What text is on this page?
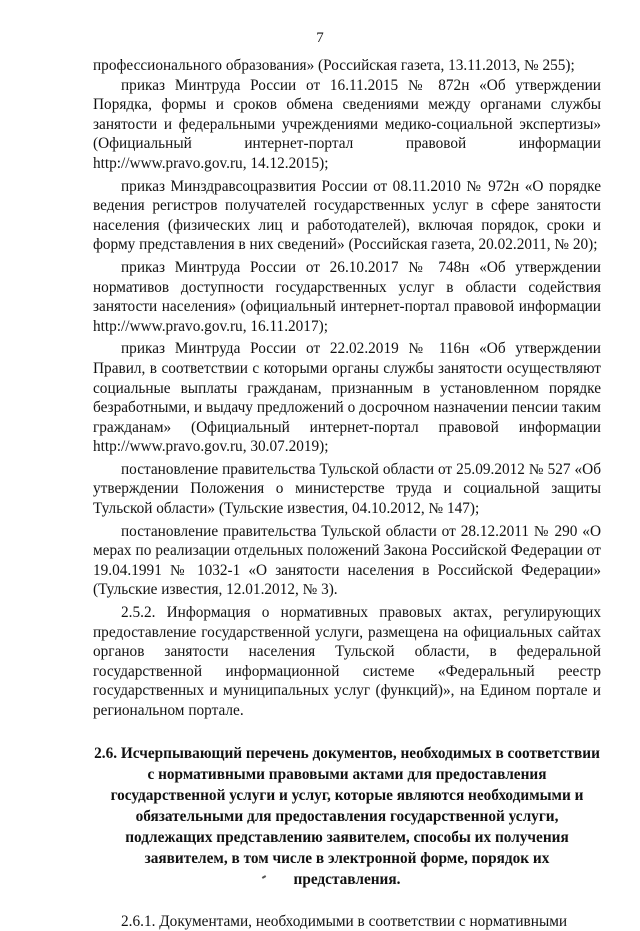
7

профессионального образования» (Российская газета, 13.11.2013, № 255);

приказ Минтруда России от 16.11.2015 № 872н «Об утверждении Порядка, формы и сроков обмена сведениями между органами службы занятости и федеральными учреждениями медико-социальной экспертизы» (Официальный интернет-портал правовой информации http://www.pravo.gov.ru, 14.12.2015);

приказ Минздравсоцразвития России от 08.11.2010 № 972н «О порядке ведения регистров получателей государственных услуг в сфере занятости населения (физических лиц и работодателей), включая порядок, сроки и форму представления в них сведений» (Российская газета, 20.02.2011, № 20);

приказ Минтруда России от 26.10.2017 № 748н «Об утверждении нормативов доступности государственных услуг в области содействия занятости населения» (официальный интернет-портал правовой информации http://www.pravo.gov.ru, 16.11.2017);

приказ Минтруда России от 22.02.2019 № 116н «Об утверждении Правил, в соответствии с которыми органы службы занятости осуществляют социальные выплаты гражданам, признанным в установленном порядке безработными, и выдачу предложений о досрочном назначении пенсии таким гражданам» (Официальный интернет-портал правовой информации http://www.pravo.gov.ru, 30.07.2019);

постановление правительства Тульской области от 25.09.2012 № 527 «Об утверждении Положения о министерстве труда и социальной защиты Тульской области» (Тульские известия, 04.10.2012, № 147);

постановление правительства Тульской области от 28.12.2011 № 290 «О мерах по реализации отдельных положений Закона Российской Федерации от 19.04.1991 № 1032-1 «О занятости населения в Российской Федерации» (Тульские известия, 12.01.2012, № 3).

2.5.2. Информация о нормативных правовых актах, регулирующих предоставление государственной услуги, размещена на официальных сайтах органов занятости населения Тульской области, в федеральной государственной информационной системе «Федеральный реестр государственных и муниципальных услуг (функций)», на Едином портале и региональном портале.

2.6. Исчерпывающий перечень документов, необходимых в соответствии с нормативными правовыми актами для предоставления государственной услуги и услуг, которые являются необходимыми и обязательными для предоставления государственной услуги, подлежащих представлению заявителем, способы их получения заявителем, в том числе в электронной форме, порядок их представления.

2.6.1. Документами, необходимыми в соответствии с нормативными
